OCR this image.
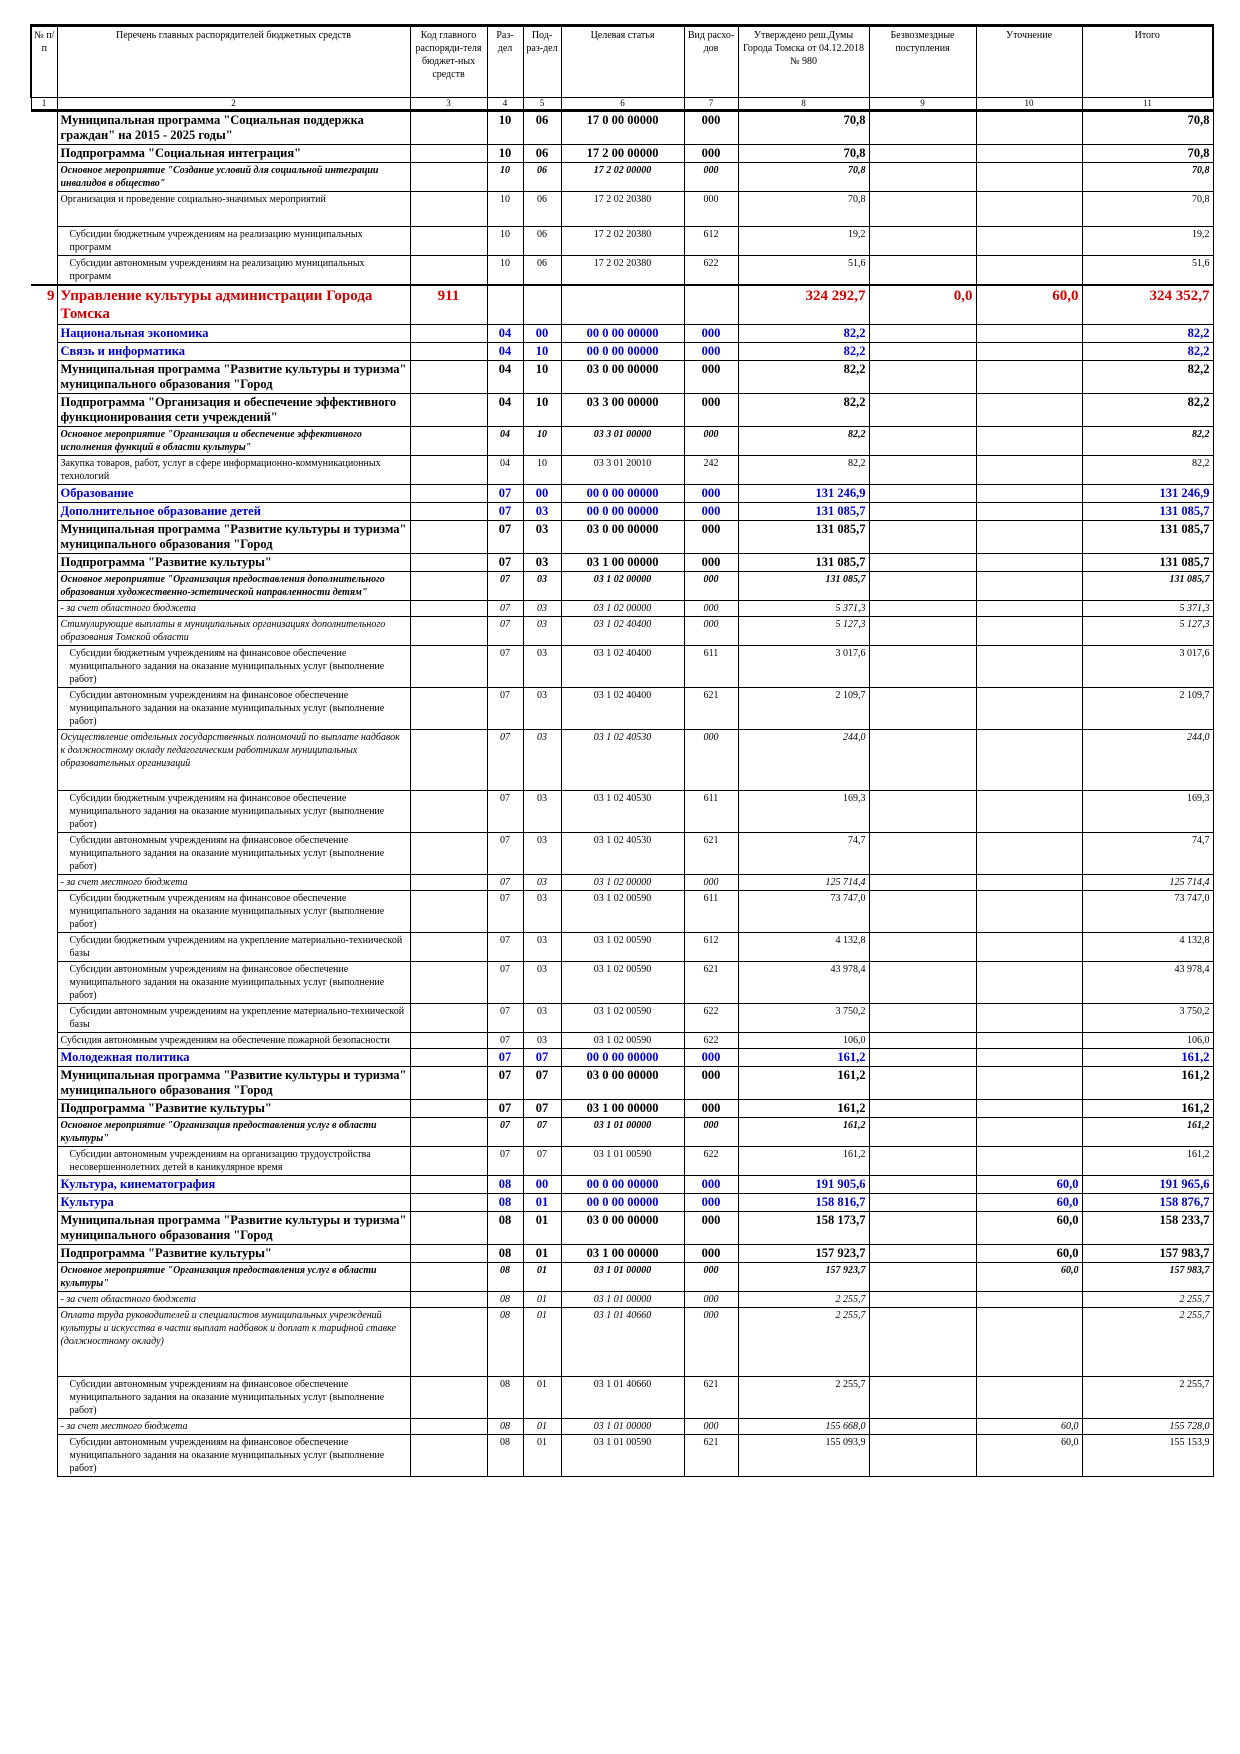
№ п/п	Перечень главных распорядителей бюджетных средств	Код главного распоряди-теля бюджет-ных средств	Раз-дел	Под-раз-дел	Целевая статья	Вид расхо-дов	Утверждено реш.Думы Города Томска от 04.12.2018 № 980	Безвозмездные поступления	Уточнение	Итого
1	2	3	4	5	6	7	8	9	10	11
	Муниципальная программа "Социальная поддержка граждан" на 2015 - 2025 годы"		10	06	17 0 00 00000	000	70,8			70,8
	Подпрограмма "Социальная интеграция"		10	06	17 2 00 00000	000	70,8			70,8
	Основное мероприятие "Создание условий для социальной интеграции инвалидов в общество"		10	06	17 2 02 00000	000	70,8			70,8
	Организация и проведение социально-значимых мероприятий		10	06	17 2 02 20380	000	70,8			70,8
	Субсидии бюджетным учреждениям на реализацию муниципальных программ		10	06	17 2 02 20380	612	19,2			19,2
	Субсидии автономным учреждениям на реализацию муниципальных программ		10	06	17 2 02 20380	622	51,6			51,6
9	Управление культуры администрации Города Томска	911					324 292,7	0,0	60,0	324 352,7
	Национальная экономика		04	00	00 0 00 00000	000	82,2			82,2
	Связь и информатика		04	10	00 0 00 00000	000	82,2			82,2
	Муниципальная программа "Развитие культуры и туризма" муниципального образования "Город		04	10	03 0 00 00000	000	82,2			82,2
	Подпрограмма "Организация и обеспечение эффективного функционирования сети учреждений"		04	10	03 3 00 00000	000	82,2			82,2
	Основное мероприятие "Организация и обеспечение эффективного исполнения функций в области культуры"		04	10	03 3 01 00000	000	82,2			82,2
	Закупка товаров, работ, услуг в сфере информационно-коммуникационных технологий		04	10	03 3 01 20010	242	82,2			82,2
	Образование		07	00	00 0 00 00000	000	131 246,9			131 246,9
	Дополнительное образование детей		07	03	00 0 00 00000	000	131 085,7			131 085,7
	Муниципальная программа "Развитие культуры и туризма" муниципального образования "Город		07	03	03 0 00 00000	000	131 085,7			131 085,7
	Подпрограмма "Развитие культуры"		07	03	03 1 00 00000	000	131 085,7			131 085,7
	Основное мероприятие "Организация предоставления дополнительного образования художественно-эстетической направленности детям"		07	03	03 1 02 00000	000	131 085,7			131 085,7
	- за счет областного бюджета		07	03	03 1 02 00000	000	5 371,3			5 371,3
	Стимулирующие выплаты в муниципальных организациях дополнительного образования Томской области		07	03	03 1 02 40400	000	5 127,3			5 127,3
	Субсидии бюджетным учреждениям на финансовое обеспечение муниципального задания на оказание муниципальных услуг (выполнение работ)		07	03	03 1 02 40400	611	3 017,6			3 017,6
	Субсидии автономным учреждениям на финансовое обеспечение муниципального задания на оказание муниципальных услуг (выполнение работ)		07	03	03 1 02 40400	621	2 109,7			2 109,7
	Осуществление отдельных государственных полномочий по выплате надбавок к должностному окладу педагогическим работникам муниципальных образовательных организаций		07	03	03 1 02 40530	000	244,0			244,0
	Субсидии бюджетным учреждениям на финансовое обеспечение муниципального задания на оказание муниципальных услуг (выполнение работ)		07	03	03 1 02 40530	611	169,3			169,3
	Субсидии автономным учреждениям на финансовое обеспечение муниципального задания на оказание муниципальных услуг (выполнение работ)		07	03	03 1 02 40530	621	74,7			74,7
	- за счет местного бюджета		07	03	03 1 02 00000	000	125 714,4			125 714,4
	Субсидии бюджетным учреждениям на финансовое обеспечение муниципального задания на оказание муниципальных услуг (выполнение работ)		07	03	03 1 02 00590	611	73 747,0			73 747,0
	Субсидии бюджетным учреждениям на укрепление материально-технической базы		07	03	03 1 02 00590	612	4 132,8			4 132,8
	Субсидии автономным учреждениям на финансовое обеспечение муниципального задания на оказание муниципальных услуг (выполнение работ)		07	03	03 1 02 00590	621	43 978,4			43 978,4
	Субсидии автономным учреждениям на укрепление материально-технической базы		07	03	03 1 02 00590	622	3 750,2			3 750,2
	Субсидия автономным учреждениям на обеспечение пожарной безопасности		07	03	03 1 02 00590	622	106,0			106,0
	Молодежная политика		07	07	00 0 00 00000	000	161,2			161,2
	Муниципальная программа "Развитие культуры и туризма" муниципального образования "Город		07	07	03 0 00 00000	000	161,2			161,2
	Подпрограмма "Развитие культуры"		07	07	03 1 00 00000	000	161,2			161,2
	Основное мероприятие "Организация предоставления услуг в области культуры"		07	07	03 1 01 00000	000	161,2			161,2
	Субсидии автономным учреждениям на организацию трудоустройства несовершеннолетних детей в каникулярное время		07	07	03 1 01 00590	622	161,2			161,2
	Культура, кинематография		08	00	00 0 00 00000	000	191 905,6		60,0	191 965,6
	Культура		08	01	00 0 00 00000	000	158 816,7		60,0	158 876,7
	Муниципальная программа "Развитие культуры и туризма" муниципального образования "Город		08	01	03 0 00 00000	000	158 173,7		60,0	158 233,7
	Подпрограмма "Развитие культуры"		08	01	03 1 00 00000	000	157 923,7		60,0	157 983,7
	Основное мероприятие "Организация предоставления услуг в области культуры"		08	01	03 1 01 00000	000	157 923,7		60,0	157 983,7
	- за счет областного бюджета		08	01	03 1 01 00000	000	2 255,7			2 255,7
	Оплата труда руководителей и специалистов муниципальных учреждений культуры и искусства в части выплат надбавок и доплат к тарифной ставке (должностному окладу)		08	01	03 1 01 40660	000	2 255,7			2 255,7
	Субсидии автономным учреждениям на финансовое обеспечение муниципального задания на оказание муниципальных услуг (выполнение работ)		08	01	03 1 01 40660	621	2 255,7			2 255,7
	- за счет местного бюджета		08	01	03 1 01 00000	000	155 668,0		60,0	155 728,0
	Субсидии автономным учреждениям на финансовое обеспечение муниципального задания на оказание муниципальных услуг (выполнение работ)		08	01	03 1 01 00590	621	155 093,9		60,0	155 153,9
